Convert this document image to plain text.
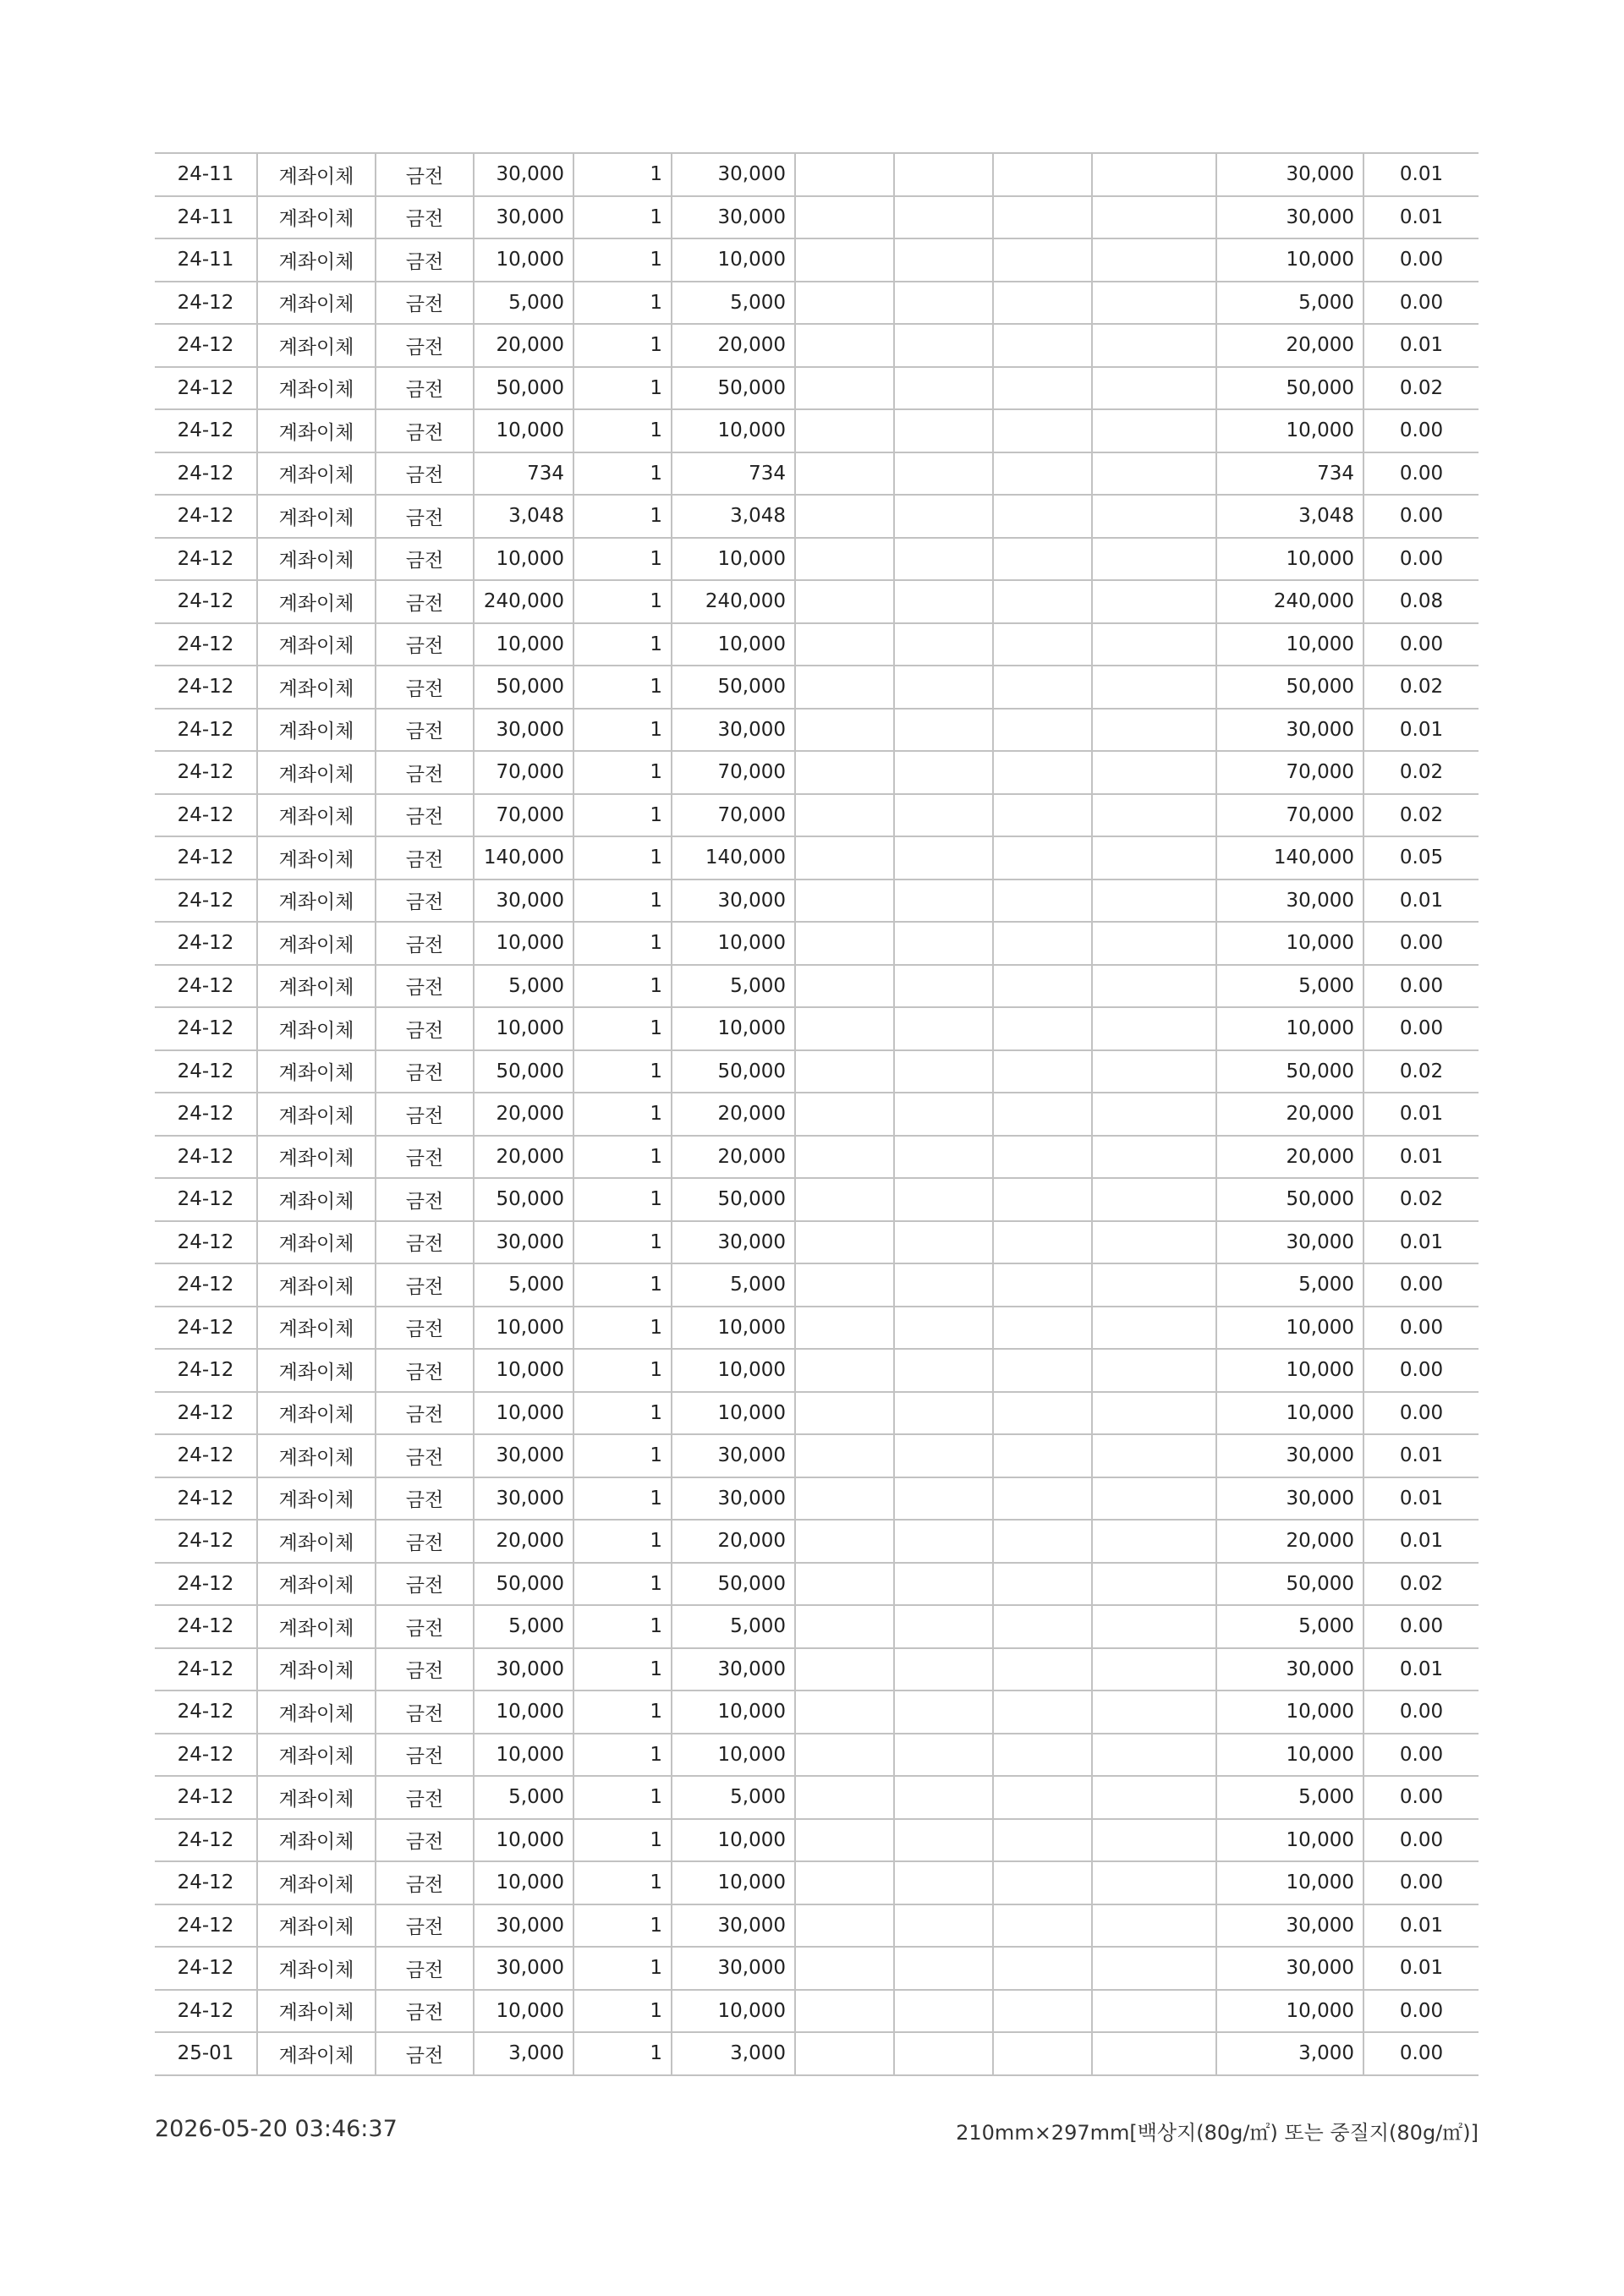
24-11	계좌이체	금전	30,000	1	30,000					30,000	0.01
24-11	계좌이체	금전	30,000	1	30,000					30,000	0.01
24-11	계좌이체	금전	10,000	1	10,000					10,000	0.00
24-12	계좌이체	금전	5,000	1	5,000					5,000	0.00
24-12	계좌이체	금전	20,000	1	20,000					20,000	0.01
24-12	계좌이체	금전	50,000	1	50,000					50,000	0.02
24-12	계좌이체	금전	10,000	1	10,000					10,000	0.00
24-12	계좌이체	금전	734	1	734					734	0.00
24-12	계좌이체	금전	3,048	1	3,048					3,048	0.00
24-12	계좌이체	금전	10,000	1	10,000					10,000	0.00
24-12	계좌이체	금전	240,000	1	240,000					240,000	0.08
24-12	계좌이체	금전	10,000	1	10,000					10,000	0.00
24-12	계좌이체	금전	50,000	1	50,000					50,000	0.02
24-12	계좌이체	금전	30,000	1	30,000					30,000	0.01
24-12	계좌이체	금전	70,000	1	70,000					70,000	0.02
24-12	계좌이체	금전	70,000	1	70,000					70,000	0.02
24-12	계좌이체	금전	140,000	1	140,000					140,000	0.05
24-12	계좌이체	금전	30,000	1	30,000					30,000	0.01
24-12	계좌이체	금전	10,000	1	10,000					10,000	0.00
24-12	계좌이체	금전	5,000	1	5,000					5,000	0.00
24-12	계좌이체	금전	10,000	1	10,000					10,000	0.00
24-12	계좌이체	금전	50,000	1	50,000					50,000	0.02
24-12	계좌이체	금전	20,000	1	20,000					20,000	0.01
24-12	계좌이체	금전	20,000	1	20,000					20,000	0.01
24-12	계좌이체	금전	50,000	1	50,000					50,000	0.02
24-12	계좌이체	금전	30,000	1	30,000					30,000	0.01
24-12	계좌이체	금전	5,000	1	5,000					5,000	0.00
24-12	계좌이체	금전	10,000	1	10,000					10,000	0.00
24-12	계좌이체	금전	10,000	1	10,000					10,000	0.00
24-12	계좌이체	금전	10,000	1	10,000					10,000	0.00
24-12	계좌이체	금전	30,000	1	30,000					30,000	0.01
24-12	계좌이체	금전	30,000	1	30,000					30,000	0.01
24-12	계좌이체	금전	20,000	1	20,000					20,000	0.01
24-12	계좌이체	금전	50,000	1	50,000					50,000	0.02
24-12	계좌이체	금전	5,000	1	5,000					5,000	0.00
24-12	계좌이체	금전	30,000	1	30,000					30,000	0.01
24-12	계좌이체	금전	10,000	1	10,000					10,000	0.00
24-12	계좌이체	금전	10,000	1	10,000					10,000	0.00
24-12	계좌이체	금전	5,000	1	5,000					5,000	0.00
24-12	계좌이체	금전	10,000	1	10,000					10,000	0.00
24-12	계좌이체	금전	10,000	1	10,000					10,000	0.00
24-12	계좌이체	금전	30,000	1	30,000					30,000	0.01
24-12	계좌이체	금전	30,000	1	30,000					30,000	0.01
24-12	계좌이체	금전	10,000	1	10,000					10,000	0.00
25-01	계좌이체	금전	3,000	1	3,000					3,000	0.00
2026-05-20 03:46:37	210mm×297mm[백상지(80g/㎡) 또는 중질지(80g/㎡)]
